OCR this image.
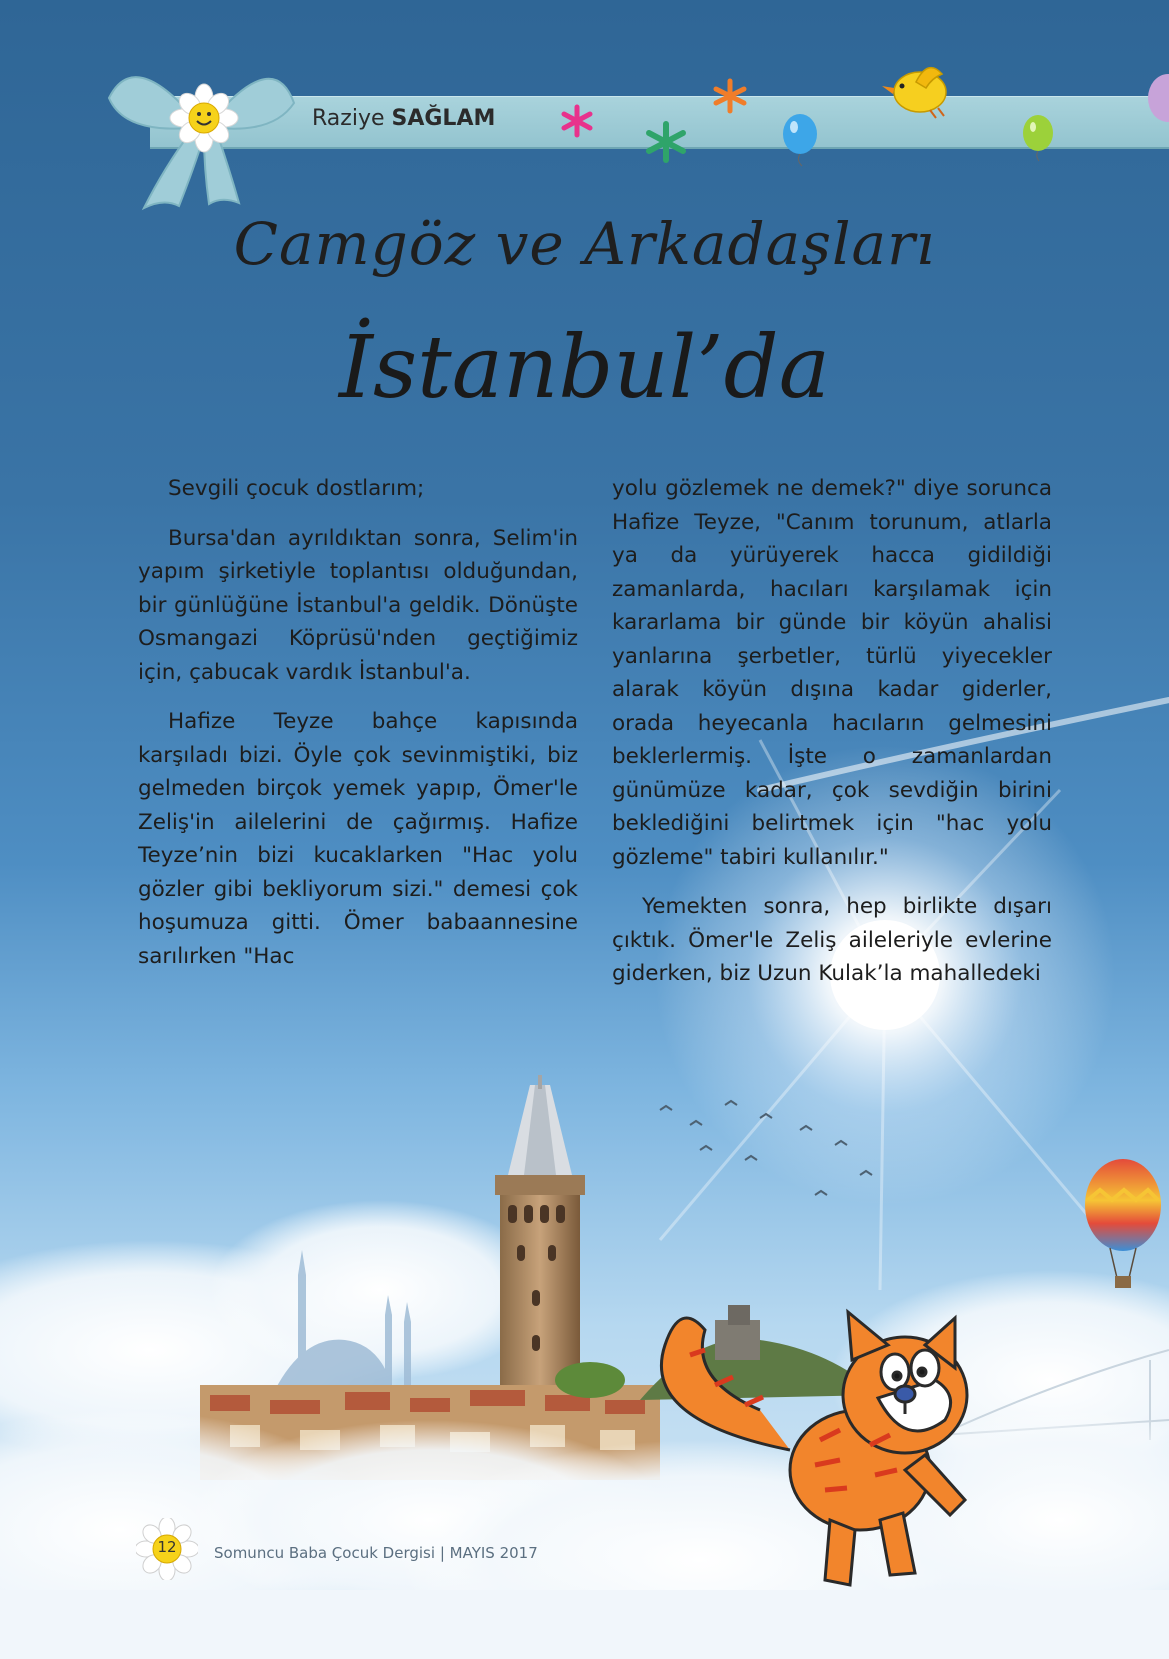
Raziye SAĞLAM
Camgöz ve Arkadaşları
İstanbul’da

Sevgili çocuk dostlarım;

Bursa'dan ayrıldıktan sonra, Selim'in yapım şirketiyle toplantısı olduğundan, bir günlüğüne İstanbul'a geldik. Dönüşte Osmangazi Köprüsü'nden geçtiğimiz için, çabucak vardık İstanbul'a.

Hafize Teyze bahçe kapısında karşıladı bizi. Öyle çok sevinmiştiki, biz gelmeden birçok yemek yapıp, Ömer'le Zeliş'in ailelerini de çağırmış. Hafize Teyze’nin bizi kucaklarken "Hac yolu gözler gibi bekliyorum sizi." demesi çok hoşumuza gitti. Ömer babaannesine sarılırken "Hac

yolu gözlemek ne demek?" diye sorunca Hafize Teyze, "Canım torunum, atlarla ya da yürüyerek hacca gidildiği zamanlarda, hacıları karşılamak için kararlama bir günde bir köyün ahalisi yanlarına şerbetler, türlü yiyecekler alarak köyün dışına kadar giderler, orada heyecanla hacıların gelmesini beklerlermiş. İşte o zamanlardan günümüze kadar, çok sevdiğin birini beklediğini belirtmek için "hac yolu gözleme" tabiri kullanılır."

Yemekten sonra, hep birlikte dışarı çıktık. Ömer'le Zeliş aileleriyle evlerine giderken, biz Uzun Kulak’la mahalledeki

12	Somuncu Baba Çocuk Dergisi | MAYIS 2017
